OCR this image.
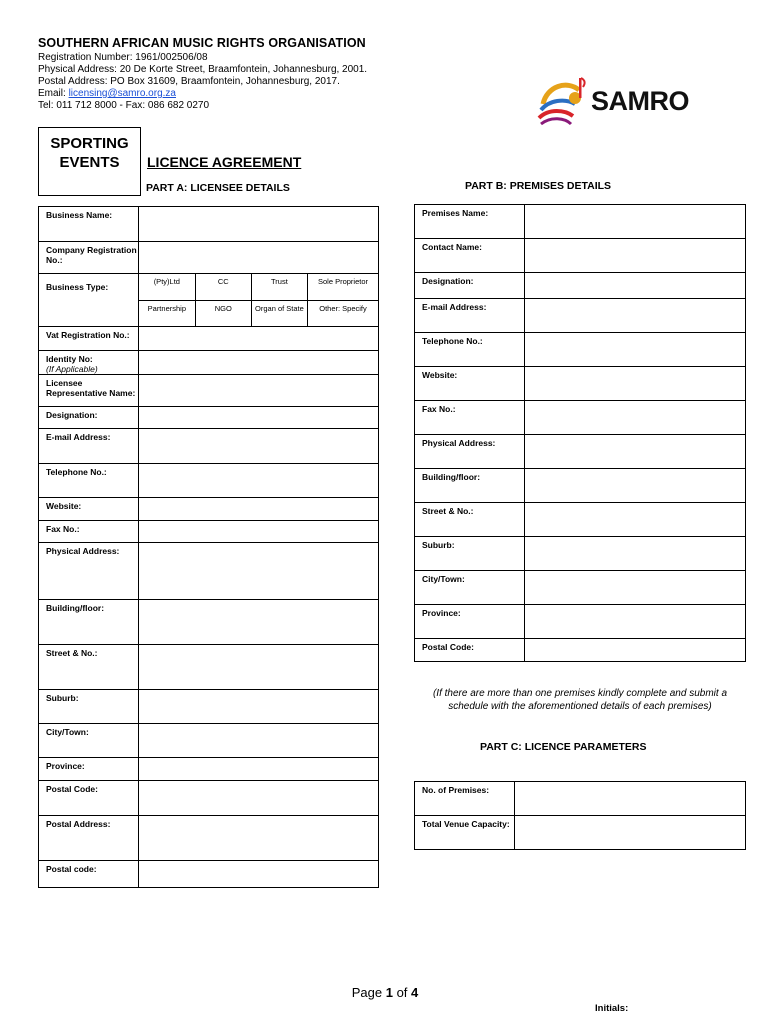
SOUTHERN AFRICAN MUSIC RIGHTS ORGANISATION
Registration Number: 1961/002506/08
Physical Address: 20 De Korte Street, Braamfontein, Johannesburg, 2001.
Postal Address: PO Box 31609, Braamfontein, Johannesburg, 2017.
Email: licensing@samro.org.za
Tel: 011 712 8000 - Fax: 086 682 0270	SAMRO
SPORTING
EVENTS	LICENCE AGREEMENT
PART A: LICENSEE DETAILS	PART B: PREMISES DETAILS
Business Name:	
Company Registration No.:	
Business Type:	
(Pty)Ltd	CC	Trust	Sole Proprietor
Partnership	NGO	Organ of State	Other: Specify

Vat Registration No.:	
Identity No:
(If Applicable)	
Licensee Representative Name:	
Designation:	
E-mail Address:	
Telephone No.:	
Website:	
Fax No.:	
Physical Address:	
Building/floor:	
Street & No.:	
Suburb:	
City/Town:	
Province:	
Postal Code:	
Postal Address:	
Postal code:	
Premises Name:	
Contact Name:	
Designation:	
E-mail Address:	
Telephone No.:	
Website:	
Fax No.:	
Physical Address:	
Building/floor:	
Street & No.:	
Suburb:	
City/Town:	
Province:	
Postal Code:	
(If there are more than one premises kindly complete and submit a schedule with the aforementioned details of each premises)
PART C: LICENCE PARAMETERS
No. of Premises:	
Total Venue Capacity:	
Page 1 of 4
Initials:
